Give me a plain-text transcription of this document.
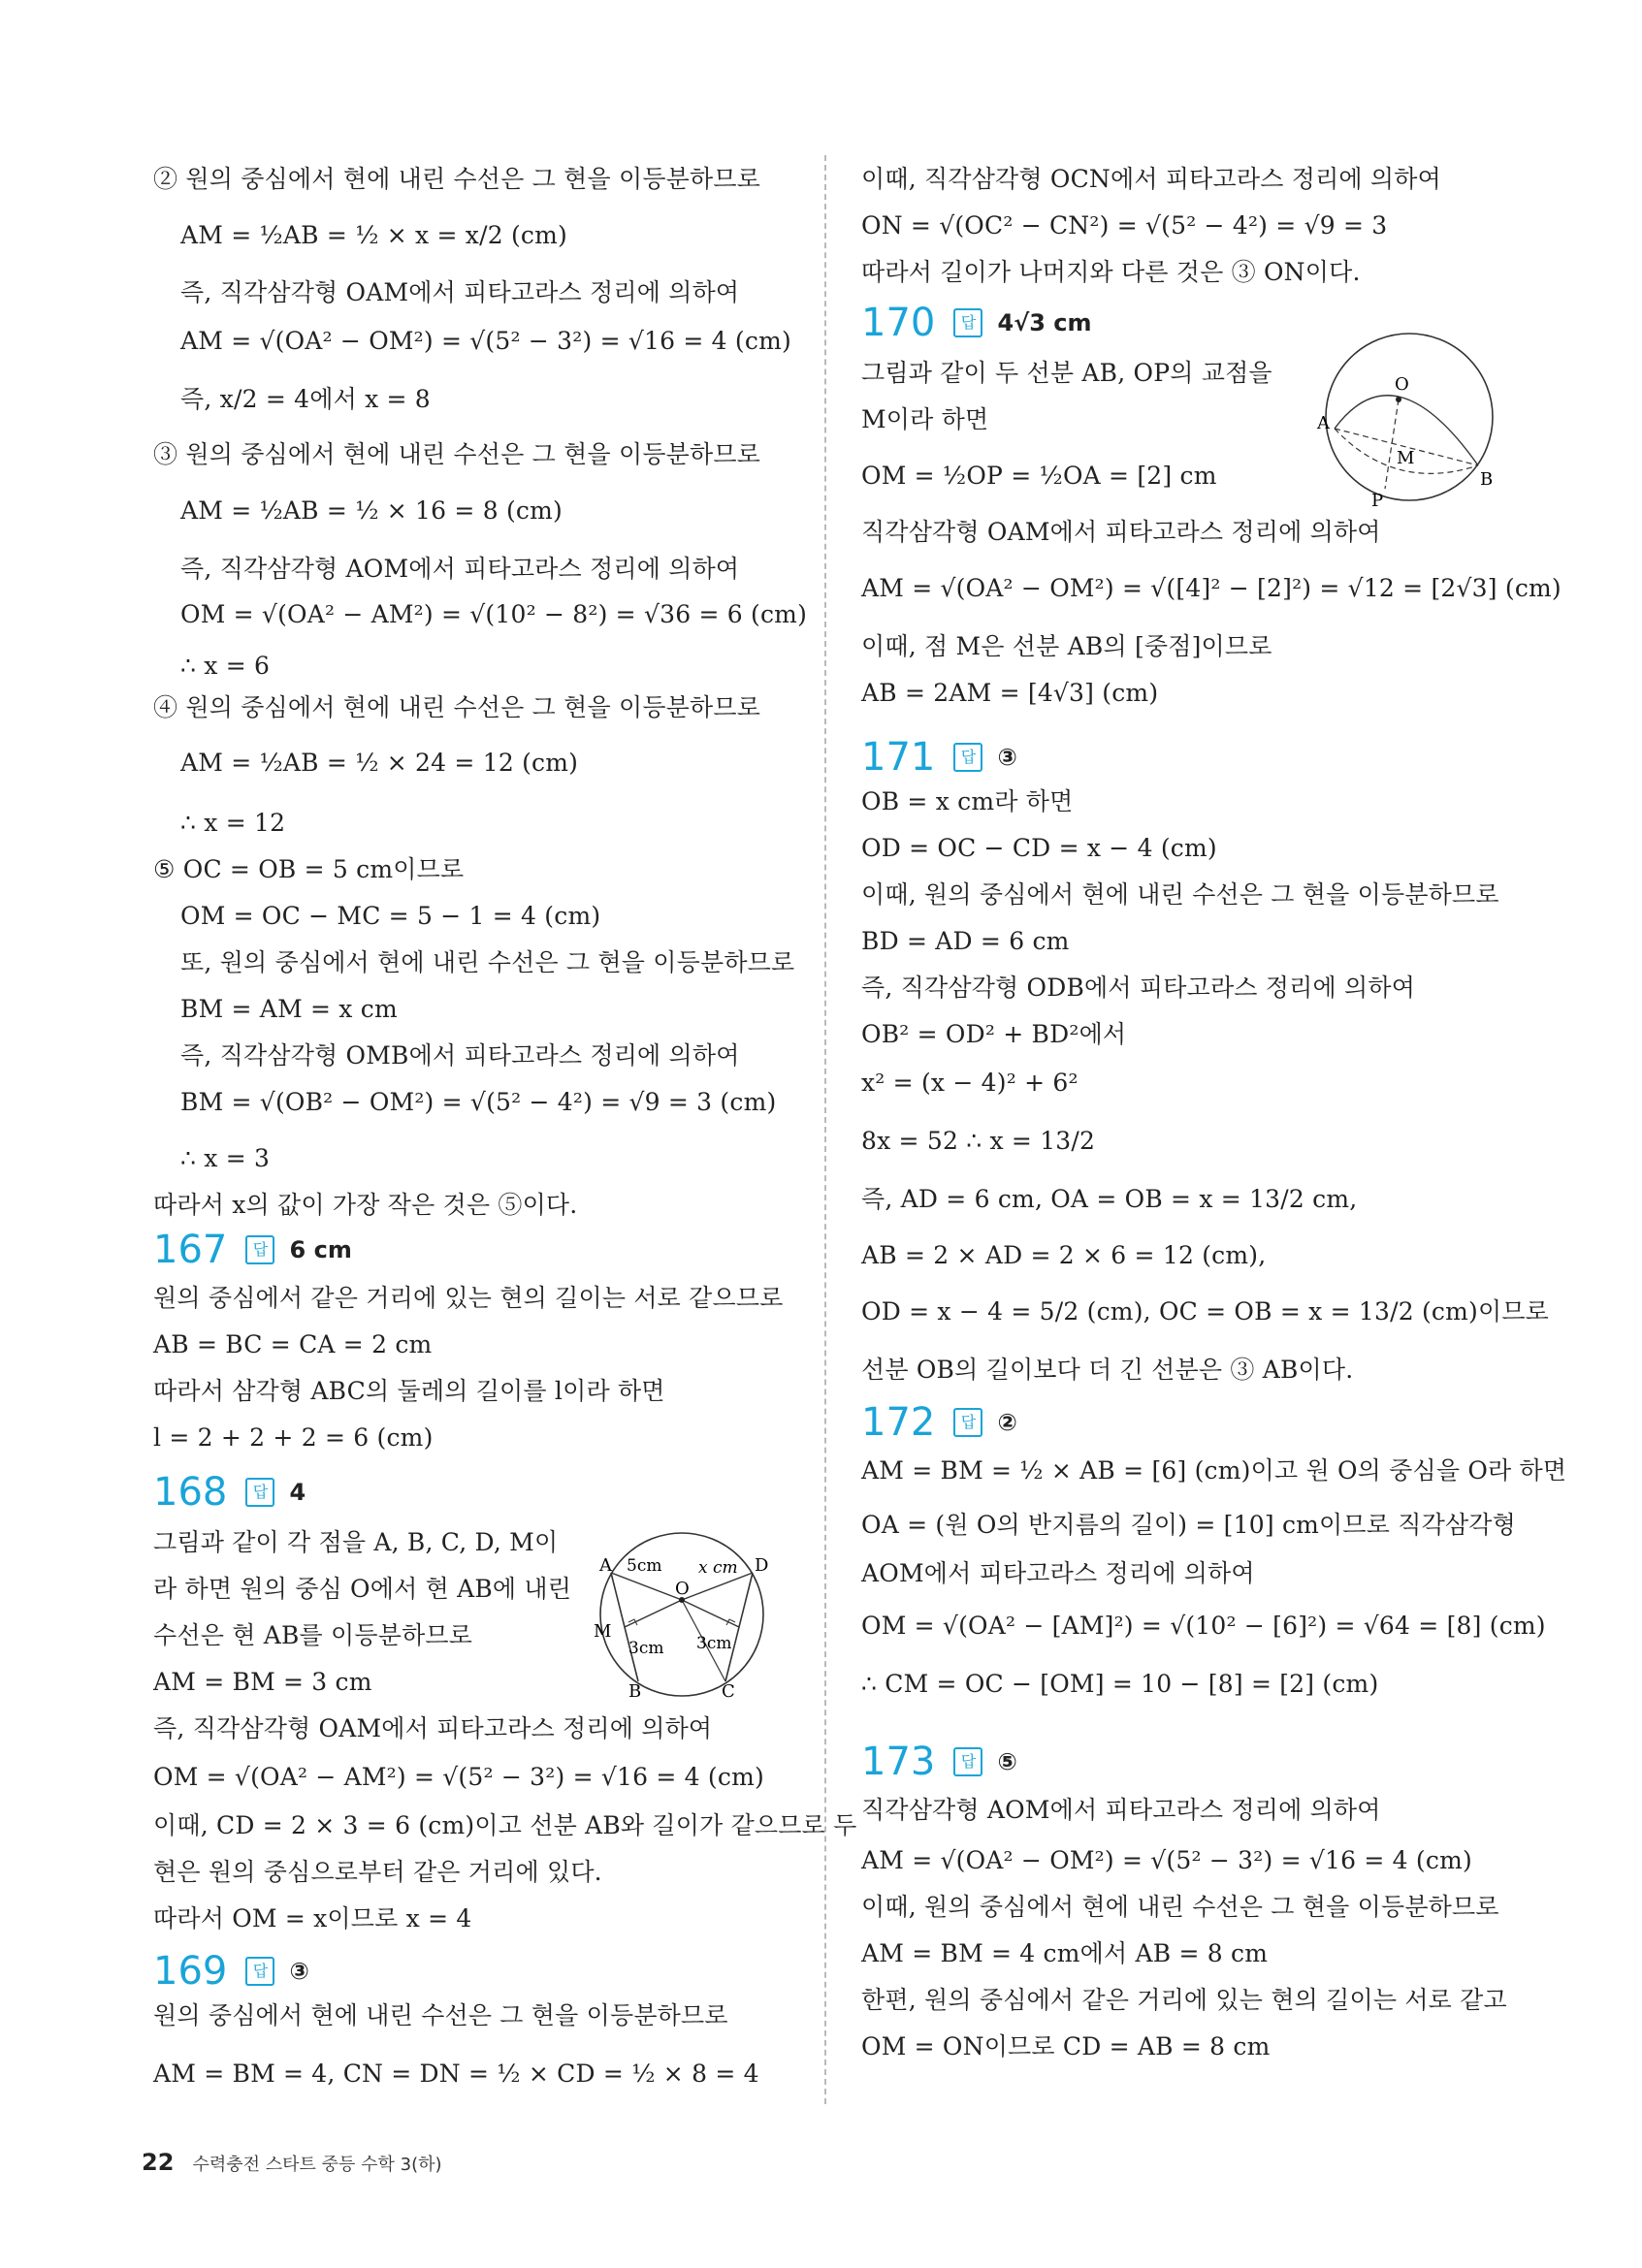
② 원의 중심에서 현에 내린 수선은 그 현을 이등분하므로
AM = ½AB = ½ × x = x/2 (cm)
즉, 직각삼각형 OAM에서 피타고라스 정리에 의하여
AM = √(OA² − OM²) = √(5² − 3²) = √16 = 4 (cm)
즉, x/2 = 4에서 x = 8
③ 원의 중심에서 현에 내린 수선은 그 현을 이등분하므로
AM = ½AB = ½ × 16 = 8 (cm)
즉, 직각삼각형 AOM에서 피타고라스 정리에 의하여
OM = √(OA² − AM²) = √(10² − 8²) = √36 = 6 (cm)
∴ x = 6
④ 원의 중심에서 현에 내린 수선은 그 현을 이등분하므로
AM = ½AB = ½ × 24 = 12 (cm)
∴ x = 12
⑤ OC = OB = 5 cm이므로
OM = OC − MC = 5 − 1 = 4 (cm)
또, 원의 중심에서 현에 내린 수선은 그 현을 이등분하므로
BM = AM = x cm
즉, 직각삼각형 OMB에서 피타고라스 정리에 의하여
BM = √(OB² − OM²) = √(5² − 4²) = √9 = 3 (cm)
∴ x = 3
따라서 x의 값이 가장 작은 것은 ⑤이다.
167 답 6 cm
원의 중심에서 같은 거리에 있는 현의 길이는 서로 같으므로
AB = BC = CA = 2 cm
따라서 삼각형 ABC의 둘레의 길이를 l이라 하면
l = 2 + 2 + 2 = 6 (cm)
168 답 4
그림과 같이 각 점을 A, B, C, D, M이
라 하면 원의 중심 O에서 현 AB에 내린
수선은 현 AB를 이등분하므로
AM = BM = 3 cm
즉, 직각삼각형 OAM에서 피타고라스 정리에 의하여
OM = √(OA² − AM²) = √(5² − 3²) = √16 = 4 (cm)
이때, CD = 2 × 3 = 6 (cm)이고 선분 AB와 길이가 같으므로 두
현은 원의 중심으로부터 같은 거리에 있다.
따라서 OM = x이므로 x = 4
A	D
B	C
M
O
5cm x cm
3cm 3cm
169 답 ③
원의 중심에서 현에 내린 수선은 그 현을 이등분하므로
AM = BM = 4, CN = DN = ½ × CD = ½ × 8 = 4
이때, 직각삼각형 OCN에서 피타고라스 정리에 의하여
ON = √(OC² − CN²) = √(5² − 4²) = √9 = 3
따라서 길이가 나머지와 다른 것은 ③ ON이다.
170 답 4√3 cm
그림과 같이 두 선분 AB, OP의 교점을
M이라 하면
OM = ½OP = ½OA = [2] cm
직각삼각형 OAM에서 피타고라스 정리에 의하여
AM = √(OA² − OM²) = √([4]² − [2]²) = √12 = [2√3] (cm)
이때, 점 M은 선분 AB의 [중점]이므로
AB = 2AM = [4√3] (cm)
A
B
O
M
P
171 답 ③
OB = x cm라 하면
OD = OC − CD = x − 4 (cm)
이때, 원의 중심에서 현에 내린 수선은 그 현을 이등분하므로
BD = AD = 6 cm
즉, 직각삼각형 ODB에서 피타고라스 정리에 의하여
OB² = OD² + BD²에서
x² = (x − 4)² + 6²
8x = 52 ∴ x = 13/2
즉, AD = 6 cm, OA = OB = x = 13/2 cm,
AB = 2 × AD = 2 × 6 = 12 (cm),
OD = x − 4 = 5/2 (cm), OC = OB = x = 13/2 (cm)이므로
선분 OB의 길이보다 더 긴 선분은 ③ AB이다.
172 답 ②
AM = BM = ½ × AB = [6] (cm)이고 원 O의 중심을 O라 하면
OA = (원 O의 반지름의 길이) = [10] cm이므로 직각삼각형
AOM에서 피타고라스 정리에 의하여
OM = √(OA² − [AM]²) = √(10² − [6]²) = √64 = [8] (cm)
∴ CM = OC − [OM] = 10 − [8] = [2] (cm)
173 답 ⑤
직각삼각형 AOM에서 피타고라스 정리에 의하여
AM = √(OA² − OM²) = √(5² − 3²) = √16 = 4 (cm)
이때, 원의 중심에서 현에 내린 수선은 그 현을 이등분하므로
AM = BM = 4 cm에서 AB = 8 cm
한편, 원의 중심에서 같은 거리에 있는 현의 길이는 서로 같고
OM = ON이므로 CD = AB = 8 cm
22 수력충전 스타트 중등 수학 3(하)
